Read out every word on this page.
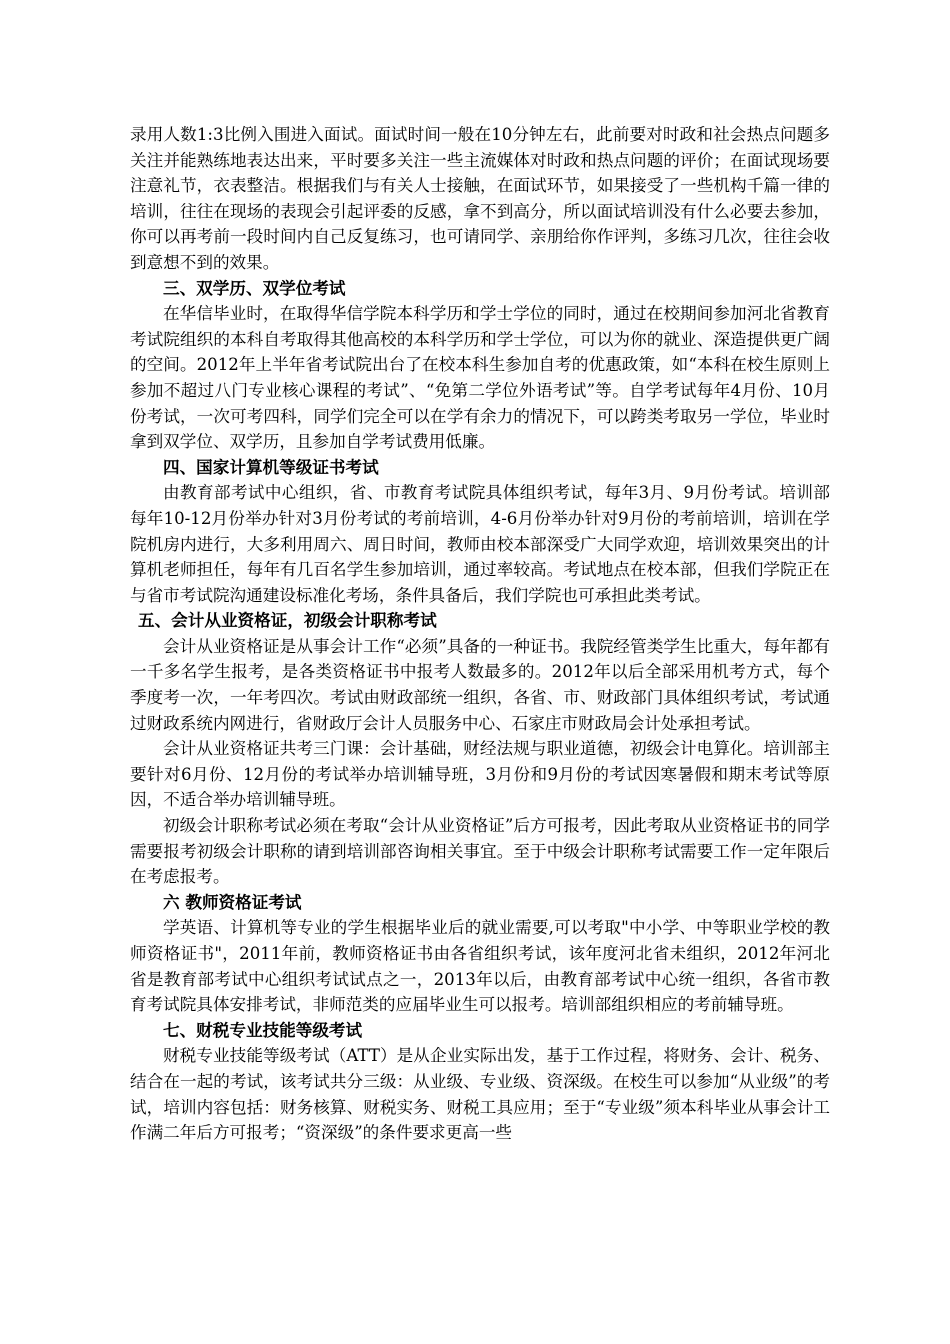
录用人数1:3比例入围进入面试。面试时间一般在10分钟左右，此前要对时政和社会热点问题多关注并能熟练地表达出来，平时要多关注一些主流媒体对时政和热点问题的评价；在面试现场要注意礼节，衣表整洁。根据我们与有关人士接触，在面试环节，如果接受了一些机构千篇一律的培训，往往在现场的表现会引起评委的反感，拿不到高分，所以面试培训没有什么必要去参加，你可以再考前一段时间内自己反复练习，也可请同学、亲朋给你作评判，多练习几次，往往会收到意想不到的效果。

三、双学历、双学位考试

在华信毕业时，在取得华信学院本科学历和学士学位的同时，通过在校期间参加河北省教育考试院组织的本科自考取得其他高校的本科学历和学士学位，可以为你的就业、深造提供更广阔的空间。2012年上半年省考试院出台了在校本科生参加自考的优惠政策，如“本科在校生原则上参加不超过八门专业核心课程的考试”、“免第二学位外语考试”等。自学考试每年4月份、10月份考试，一次可考四科，同学们完全可以在学有余力的情况下，可以跨类考取另一学位，毕业时拿到双学位、双学历，且参加自学考试费用低廉。

四、国家计算机等级证书考试

由教育部考试中心组织，省、市教育考试院具体组织考试，每年3月、9月份考试。培训部每年10-12月份举办针对3月份考试的考前培训，4-6月份举办针对9月份的考前培训，培训在学院机房内进行，大多利用周六、周日时间，教师由校本部深受广大同学欢迎，培训效果突出的计算机老师担任，每年有几百名学生参加培训，通过率较高。考试地点在校本部，但我们学院正在与省市考试院沟通建设标准化考场，条件具备后，我们学院也可承担此类考试。

五、会计从业资格证，初级会计职称考试

会计从业资格证是从事会计工作“必须”具备的一种证书。我院经管类学生比重大，每年都有一千多名学生报考，是各类资格证书中报考人数最多的。2012年以后全部采用机考方式，每个季度考一次，一年考四次。考试由财政部统一组织，各省、市、财政部门具体组织考试，考试通过财政系统内网进行，省财政厅会计人员服务中心、石家庄市财政局会计处承担考试。

会计从业资格证共考三门课：会计基础，财经法规与职业道德，初级会计电算化。培训部主要针对6月份、12月份的考试举办培训辅导班，3月份和9月份的考试因寒暑假和期末考试等原因，不适合举办培训辅导班。

初级会计职称考试必须在考取“会计从业资格证”后方可报考，因此考取从业资格证书的同学需要报考初级会计职称的请到培训部咨询相关事宜。至于中级会计职称考试需要工作一定年限后在考虑报考。

六 教师资格证考试

学英语、计算机等专业的学生根据毕业后的就业需要,可以考取"中小学、中等职业学校的教师资格证书"，2011年前，教师资格证书由各省组织考试，该年度河北省未组织，2012年河北省是教育部考试中心组织考试试点之一，2013年以后，由教育部考试中心统一组织，各省市教育考试院具体安排考试，非师范类的应届毕业生可以报考。培训部组织相应的考前辅导班。

七、财税专业技能等级考试

财税专业技能等级考试（ATT）是从企业实际出发，基于工作过程，将财务、会计、税务、结合在一起的考试，该考试共分三级：从业级、专业级、资深级。在校生可以参加“从业级”的考试，培训内容包括：财务核算、财税实务、财税工具应用；至于“专业级”须本科毕业从事会计工作满二年后方可报考；“资深级”的条件要求更高一些
